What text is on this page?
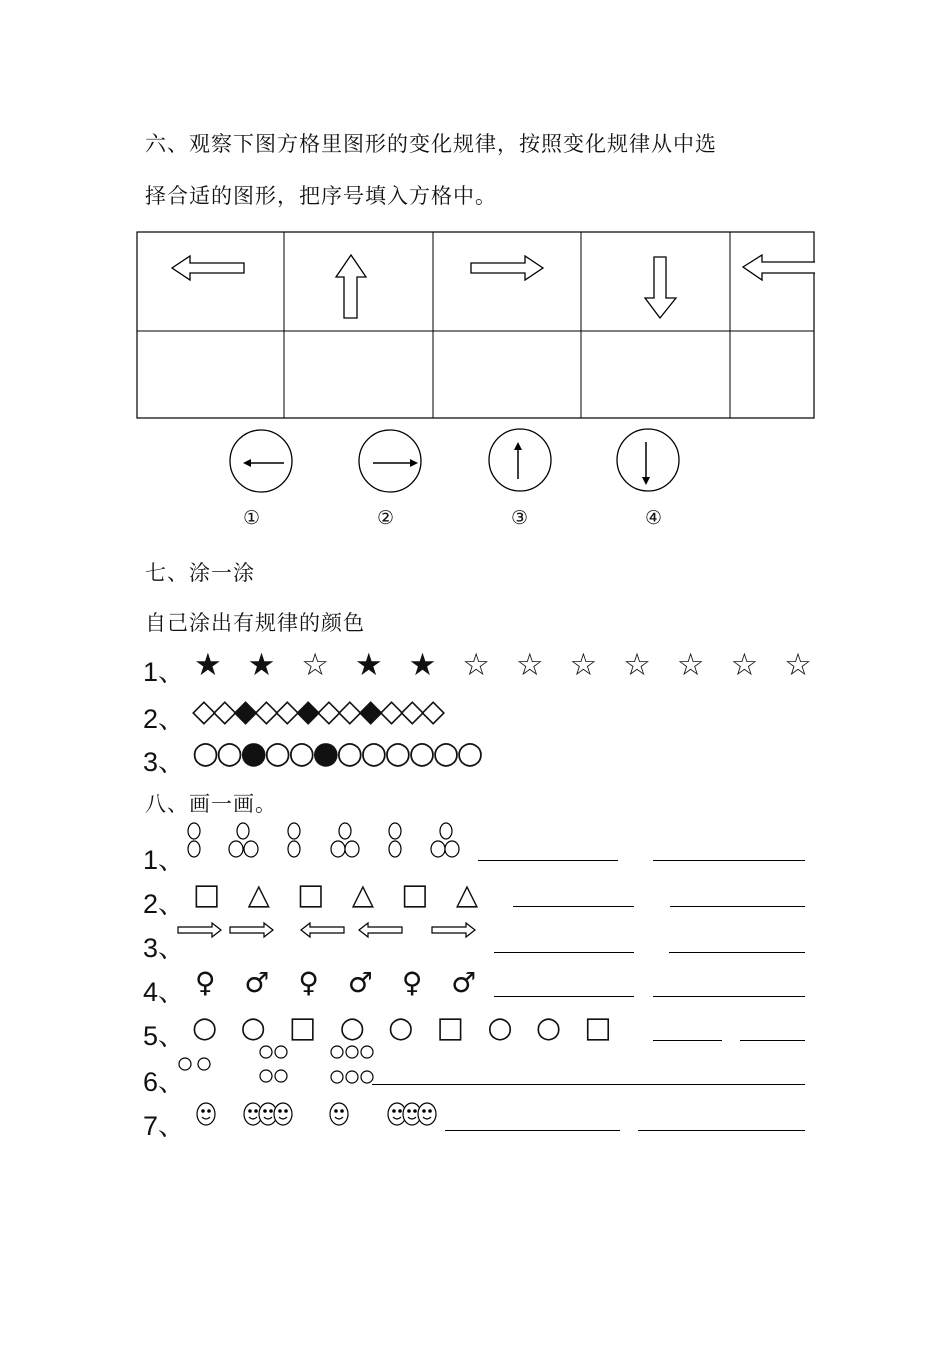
六、观察下图方格里图形的变化规律，按照变化规律从中选
择合适的图形，把序号填入方格中。
①	②	③	④
七、涂一涂
自己涂出有规律的颜色
1、 ★ ★ ☆ ★ ★ ☆ ☆ ☆ ☆ ☆ ☆ ☆
2、 ◇◇◆◇◇◆◇◇◆◇◇◇
3、 ○○●○○●○○○○○○
八、画一画。
1、
2、 □ △ □ △ □ △
3、
4、 ♀ ♂ ♀ ♂ ♀ ♂
5、 ○ ○ □ ○ ○ □ ○ ○ □
6、
7、
